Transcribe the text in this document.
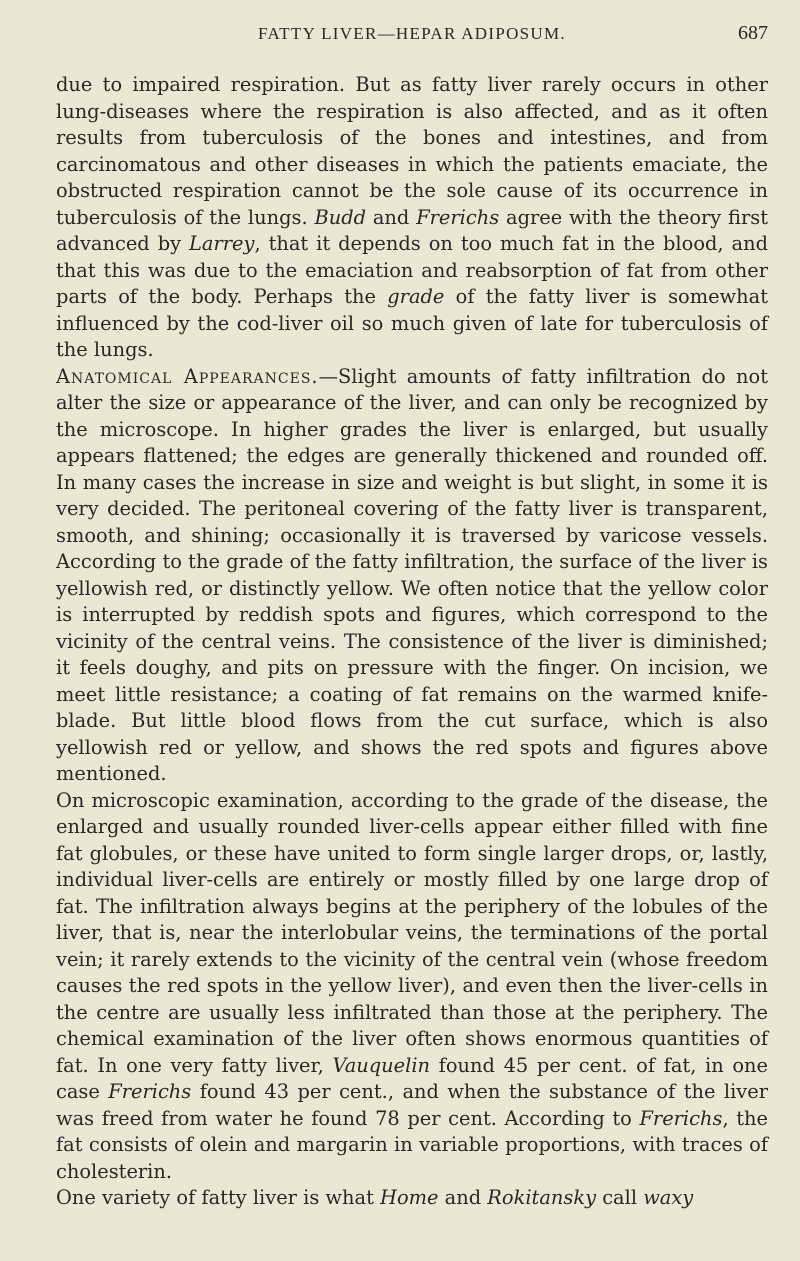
FATTY LIVER—HEPAR ADIPOSUM.	687

due to impaired respiration. But as fatty liver rarely occurs in other lung-diseases where the respiration is also affected, and as it often results from tuberculosis of the bones and intestines, and from carcinomatous and other diseases in which the patients emaciate, the obstructed respiration cannot be the sole cause of its occurrence in tuberculosis of the lungs. Budd and Frerichs agree with the theory first advanced by Larrey, that it depends on too much fat in the blood, and that this was due to the emaciation and reabsorption of fat from other parts of the body. Perhaps the grade of the fatty liver is somewhat influenced by the cod-liver oil so much given of late for tuberculosis of the lungs.

Anatomical Appearances.—Slight amounts of fatty infiltration do not alter the size or appearance of the liver, and can only be recognized by the microscope. In higher grades the liver is enlarged, but usually appears flattened; the edges are generally thickened and rounded off. In many cases the increase in size and weight is but slight, in some it is very decided. The peritoneal covering of the fatty liver is transparent, smooth, and shining; occasionally it is traversed by varicose vessels. According to the grade of the fatty infiltration, the surface of the liver is yellowish red, or distinctly yellow. We often notice that the yellow color is interrupted by reddish spots and figures, which correspond to the vicinity of the central veins. The consistence of the liver is diminished; it feels doughy, and pits on pressure with the finger. On incision, we meet little resistance; a coating of fat remains on the warmed knife-blade. But little blood flows from the cut surface, which is also yellowish red or yellow, and shows the red spots and figures above mentioned.

On microscopic examination, according to the grade of the disease, the enlarged and usually rounded liver-cells appear either filled with fine fat globules, or these have united to form single larger drops, or, lastly, individual liver-cells are entirely or mostly filled by one large drop of fat. The infiltration always begins at the periphery of the lobules of the liver, that is, near the interlobular veins, the terminations of the portal vein; it rarely extends to the vicinity of the central vein (whose freedom causes the red spots in the yellow liver), and even then the liver-cells in the centre are usually less infiltrated than those at the periphery. The chemical examination of the liver often shows enormous quantities of fat. In one very fatty liver, Vauquelin found 45 per cent. of fat, in one case Frerichs found 43 per cent., and when the substance of the liver was freed from water he found 78 per cent. According to Frerichs, the fat consists of olein and margarin in variable proportions, with traces of cholesterin.

One variety of fatty liver is what Home and Rokitansky call waxy
